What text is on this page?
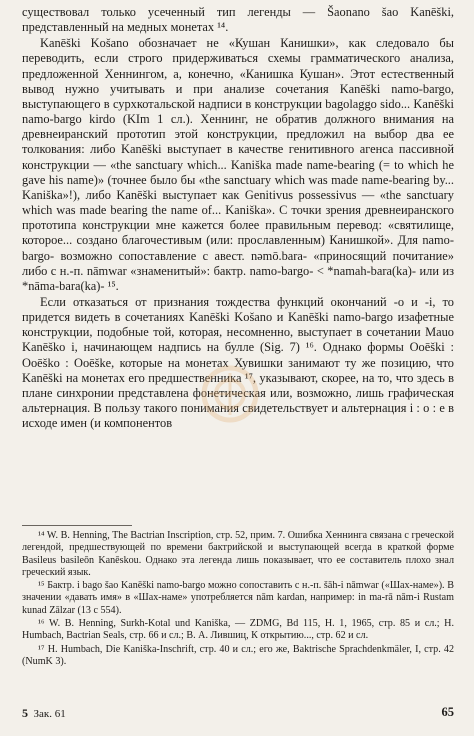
существовал только усеченный тип легенды — Šaonano šao Kanēški, представленный на медных монетах ¹⁴.

Kanēški Košano обозначает не «Кушан Канишки», как следовало бы переводить, если строго придерживаться схемы грамматического анализа, предложенной Хеннингом, а, конечно, «Канишка Кушан». Этот естественный вывод нужно учитывать и при анализе сочетания Kanēški namo-bargo, выступающего в сурхкотальской надписи в конструкции bagolaggo sido... Kanēški namo-bargo kirdo (KIm 1 сл.). Хеннинг, не обратив должного внимания на древнеиранский прототип этой конструкции, предложил на выбор два ее толкования: либо Kanēški выступает в качестве генитивного агенса пассивной конструкции — «the sanctuary which... Kaniška made name-bearing (= to which he gave his name)» (точнее было бы «the sanctuary which was made name-bearing by... Kaniška»!), либо Kanēški выступает как Genitivus possessivus — «the sanctuary which was made bearing the name of... Kaniška». С точки зрения древнеиранского прототипа конструкции мне кажется более правильным перевод: «святилище, которое... создано благочестивым (или: прославленным) Канишкой». Для namo-bargo- возможно сопоставление с авест. nəmō.bara- «приносящий почитание» либо с н.-п. nāmwar «знаменитый»: бактр. namo-bargo- < *namah-bara(ka)- или из *nāma-bara(ka)- ¹⁵.

Если отказаться от признания тождества функций окончаний -o и -i, то придется видеть в сочетаниях Kanēški Košano и Kanēški namo-bargo изафетные конструкции, подобные той, которая, несомненно, выступает в сочетании Mauo Kanēško i, начинающем надпись на булле (Sig. 7) ¹⁶. Однако формы Ooēški : Ooēško : Ooēške, которые на монетах Хувишки занимают ту же позицию, что Kanēški на монетах его предшественника ¹⁷, указывают, скорее, на то, что здесь в плане синхронии представлена фонетическая или, возможно, лишь графическая альтернация. В пользу такого понимания свидетельствует и альтернация i : o : e в исходе имен (и компонентов

¹⁴ W. B. Henning, The Bactrian Inscription, стр. 52, прим. 7. Ошибка Хеннинга связана с греческой легендой, предшествующей по времени бактрийской и выступающей всегда в краткой форме Basileus basileōn Kanēskou. Однако эта легенда лишь показывает, что ее составитель плохо знал греческий язык.

¹⁵ Бактр. i bago šao Kanēški namo-bargo можно сопоставить с н.-п. šāh-i nāmwar («Шах-наме»). В значении «давать имя» в «Шах-наме» употребляется nām kardan, например: in ma-rā nām-i Rustam kunad Zālzar (13 с 554).

¹⁶ W. B. Henning, Surkh-Kotal und Kaniška, — ZDMG, Bd 115, H. 1, 1965, стр. 85 и сл.; H. Humbach, Bactrian Seals, стр. 66 и сл.; В. А. Лившиц, К открытию..., стр. 62 и сл.

¹⁷ H. Humbach, Die Kaniška-Inschrift, стр. 40 и сл.; его же, Baktrische Sprachdenkmäler, I, стр. 42 (NumK 3).

5 Зак. 61	65
